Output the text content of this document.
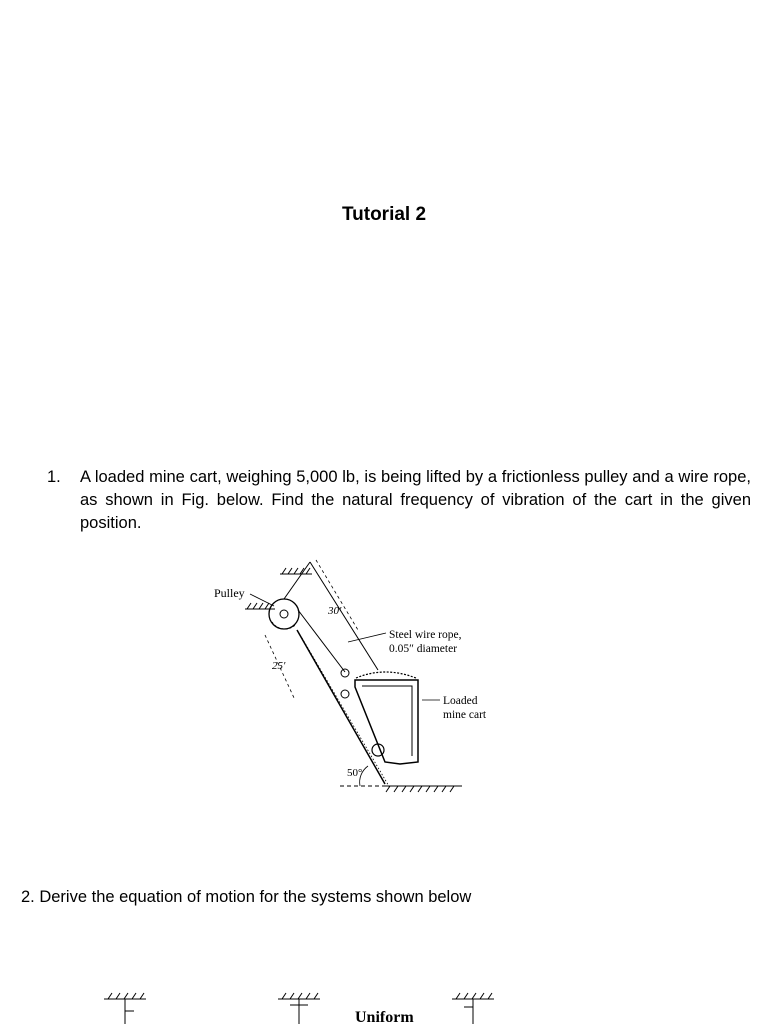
Tutorial 2
1.	A loaded mine cart, weighing 5,000 lb, is being lifted by a frictionless pulley and a wire rope, as shown in Fig. below. Find the natural frequency of vibration of the cart in the given position.
30′
25′
50°
Pulley
Steel wire rope,
0.05″ diameter
Loaded
mine cart
2. Derive the equation of motion for the systems shown below
Uniform
